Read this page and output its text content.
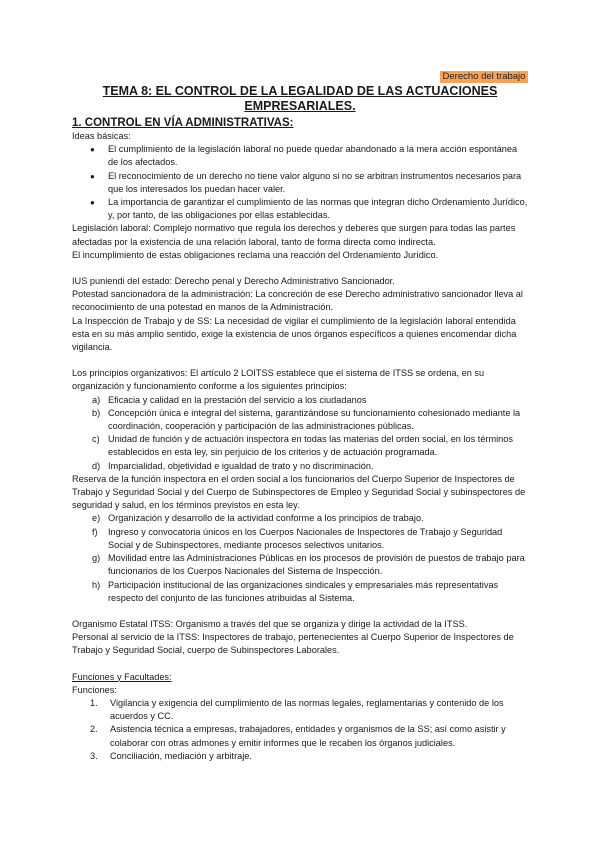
Derecho del trabajo
TEMA 8: EL CONTROL DE LA LEGALIDAD DE LAS ACTUACIONES EMPRESARIALES.

1. CONTROL EN VÍA ADMINISTRATIVAS:

Ideas básicas:

● El cumplimiento de la legislación laboral no puede quedar abandonado a la mera acción espontánea de los afectados.
● El reconocimiento de un derecho no tiene valor alguno si no se arbitran instrumentos necesarios para que los interesados los puedan hacer valer.
● La importancia de garantizar el cumplimiento de las normas que integran dicho Ordenamiento Jurídico, y, por tanto, de las obligaciones por ellas establecidas.

Legislación laboral: Complejo normativo que regula los derechos y deberes que surgen para todas las partes afectadas por la existencia de una relación laboral, tanto de forma directa como indirecta.

El incumplimiento de estas obligaciones reclama una reacción del Ordenamiento Jurídico.

IUS puniendi del estado: Derecho penal y Derecho Administrativo Sancionador.

Potestad sancionadora de la administración: La concreción de ese Derecho administrativo sancionador lleva al reconocimiento de una potestad en manos de la Administración.

La Inspección de Trabajo y de SS: La necesidad de vigilar el cumplimiento de la legislación laboral entendida esta en su más amplio sentido, exige la existencia de unos órganos específicos a quienes encomendar dicha vigilancia.

Los principios organizativos: El artículo 2 LOITSS establece que el sistema de ITSS se ordena, en su organización y funcionamiento conforme a los siguientes principios:

a) Eficacia y calidad en la prestación del servicio a los ciudadanos
b) Concepción única e integral del sistema, garantizándose su funcionamiento cohesionado mediante la coordinación, cooperación y participación de las administraciones públicas.
c) Unidad de función y de actuación inspectora en todas las materias del orden social, en los términos establecidos en esta ley, sin perjuicio de los criterios y de actuación programada.
d) Imparcialidad, objetividad e igualdad de trato y no discriminación.

Reserva de la función inspectora en el orden social a los funcionarios del Cuerpo Superior de Inspectores de Trabajo y Seguridad Social y del Cuerpo de Subinspectores de Empleo y Seguridad Social y subinspectores de seguridad y salud, en los términos previstos en esta ley.

e) Organización y desarrollo de la actividad conforme a los principios de trabajo.
f) Ingreso y convocatoria únicos en los Cuerpos Nacionales de Inspectores de Trabajo y Seguridad Social y de Subinspectores, mediante procesos selectivos unitarios.
g) Movilidad entre las Administraciones Públicas en los procesos de provisión de puestos de trabajo para funcionarios de los Cuerpos Nacionales del Sistema de Inspección.
h) Participación institucional de las organizaciones sindicales y empresariales más representativas respecto del conjunto de las funciones atribuidas al Sistema.

Organismo Estatal ITSS: Organismo a través del que se organiza y dirige la actividad de la ITSS.

Personal al servicio de la ITSS: Inspectores de trabajo, pertenecientes al Cuerpo Superior de Inspectores de Trabajo y Seguridad Social, cuerpo de Subinspectores Laborales.

Funciones y Facultades:

Funciones:

1. Vigilancia y exigencia del cumplimiento de las normas legales, reglamentarias y contenido de los acuerdos y CC.
2. Asistencia técnica a empresas, trabajadores, entidades y organismos de la SS; así como asistir y colaborar con otras admones y emitir informes que le recaben los órganos judiciales.
3. Conciliación, mediación y arbitraje.
